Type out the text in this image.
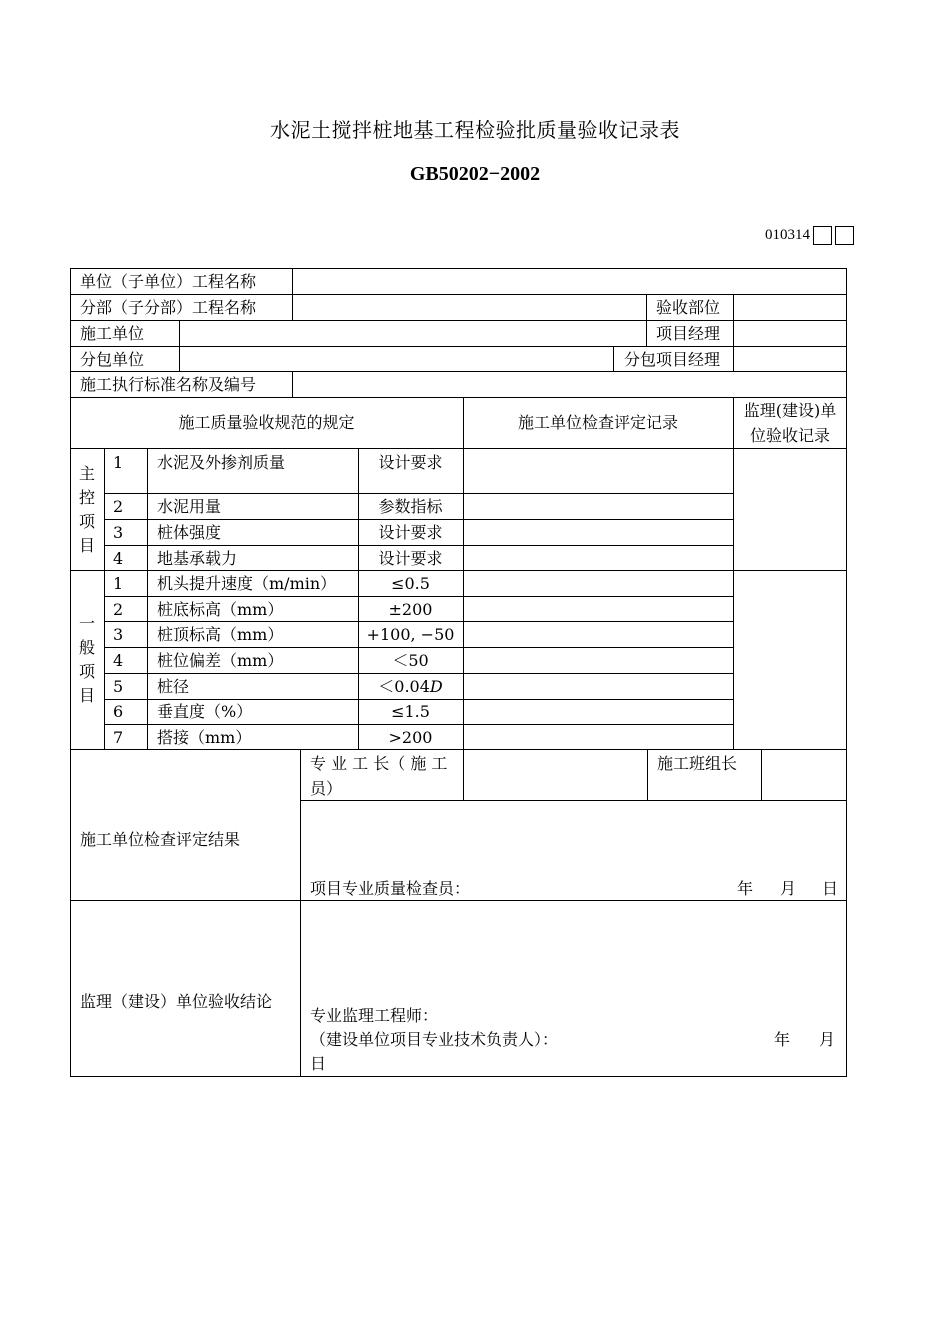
水泥土搅拌桩地基工程检验批质量验收记录表
GB50202−2002
010314
单位（子单位）工程名称
分部（子分部）工程名称	验收部位
施工单位	项目经理
分包单位	分包项目经理
施工执行标准名称及编号
施工质量验收规范的规定	施工单位检查评定记录
监理(建设)单
位验收记录
主
控
项
目
1 水泥及外掺剂质量	设计要求
2 水泥用量	参数指标
3 桩体强度	设计要求
4 地基承载力	设计要求
一
般
项
目
1 机头提升速度（m/min）	≤0.5
2 桩底标高（mm）	±200
3 桩顶标高（mm）	+100, −50
4 桩位偏差（mm）	＜50
5 桩径	＜0.04D
6 垂直度（%）	≤1.5
7 搭接（mm）	>200
专 业 工 长（ 施 工
员）
施工班组长
施工单位检查评定结果
项目专业质量检查员：	年 月 日
监理（建设）单位验收结论
专业监理工程师：
（建设单位项目专业技术负责人）：	年 月
日
